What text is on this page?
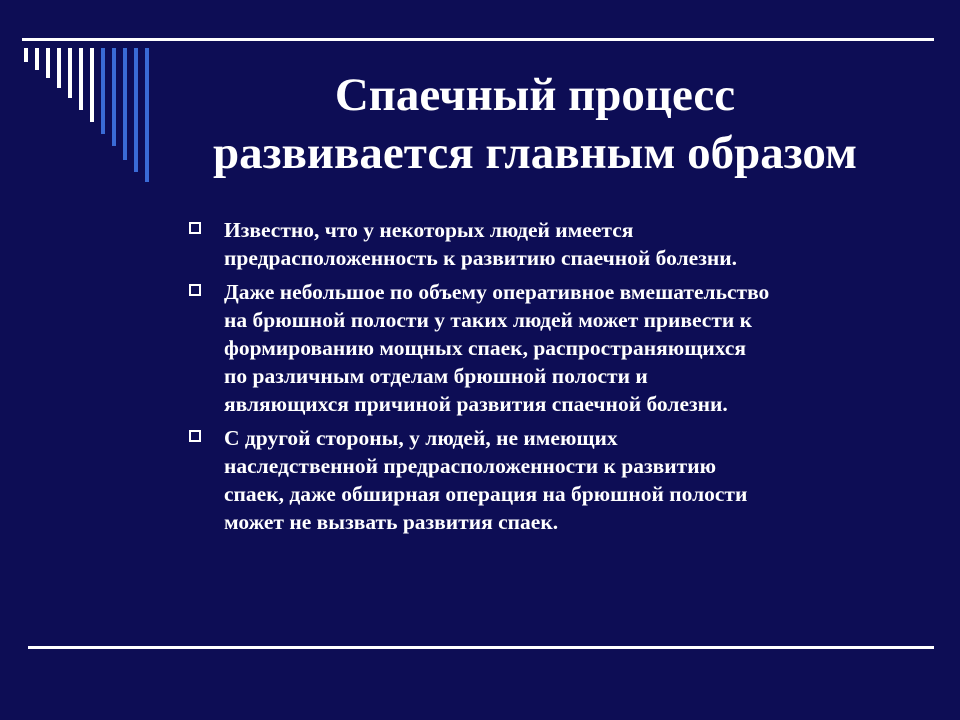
Спаечный процесс
развивается главным образом
Известно, что у некоторых людей имеется
предрасположенность к развитию спаечной болезни.
Даже небольшое по объему оперативное вмешательство
на брюшной полости у таких людей может привести к
формированию мощных спаек, распространяющихся
по различным отделам брюшной полости и
являющихся причиной развития спаечной болезни.
С другой стороны, у людей, не имеющих
наследственной предрасположенности к развитию
спаек, даже обширная операция на брюшной полости
может не вызвать развития спаек.
